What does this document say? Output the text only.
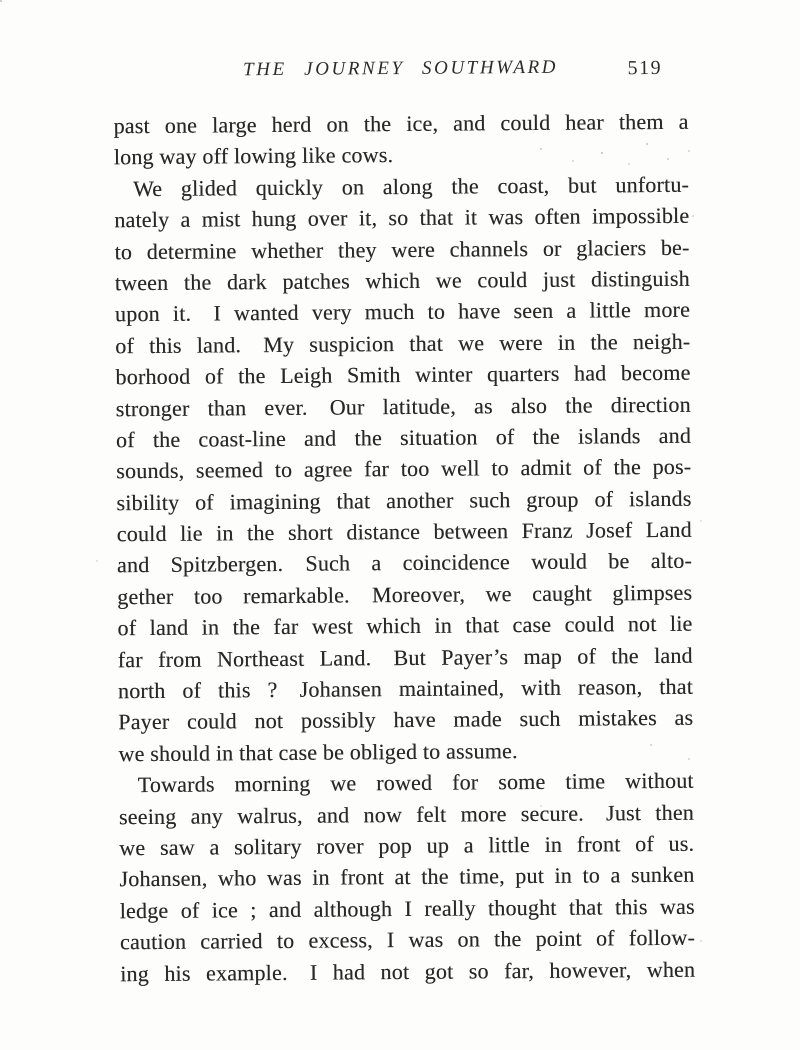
THE JOURNEY SOUTHWARD	519
past one large herd on the ice, and could hear them a
long way off lowing like cows.
We glided quickly on along the coast, but unfortu-
nately a mist hung over it, so that it was often impossible
to determine whether they were channels or glaciers be-
tween the dark patches which we could just distinguish
upon it. I wanted very much to have seen a little more
of this land. My suspicion that we were in the neigh-
borhood of the Leigh Smith winter quarters had become
stronger than ever. Our latitude, as also the direction
of the coast-line and the situation of the islands and
sounds, seemed to agree far too well to admit of the pos-
sibility of imagining that another such group of islands
could lie in the short distance between Franz Josef Land
and Spitzbergen. Such a coincidence would be alto-
gether too remarkable. Moreover, we caught glimpses
of land in the far west which in that case could not lie
far from Northeast Land. But Payer’s map of the land
north of this ? Johansen maintained, with reason, that
Payer could not possibly have made such mistakes as
we should in that case be obliged to assume.
Towards morning we rowed for some time without
seeing any walrus, and now felt more secure. Just then
we saw a solitary rover pop up a little in front of us.
Johansen, who was in front at the time, put in to a sunken
ledge of ice ; and although I really thought that this was
caution carried to excess, I was on the point of follow-
ing his example. I had not got so far, however, when
